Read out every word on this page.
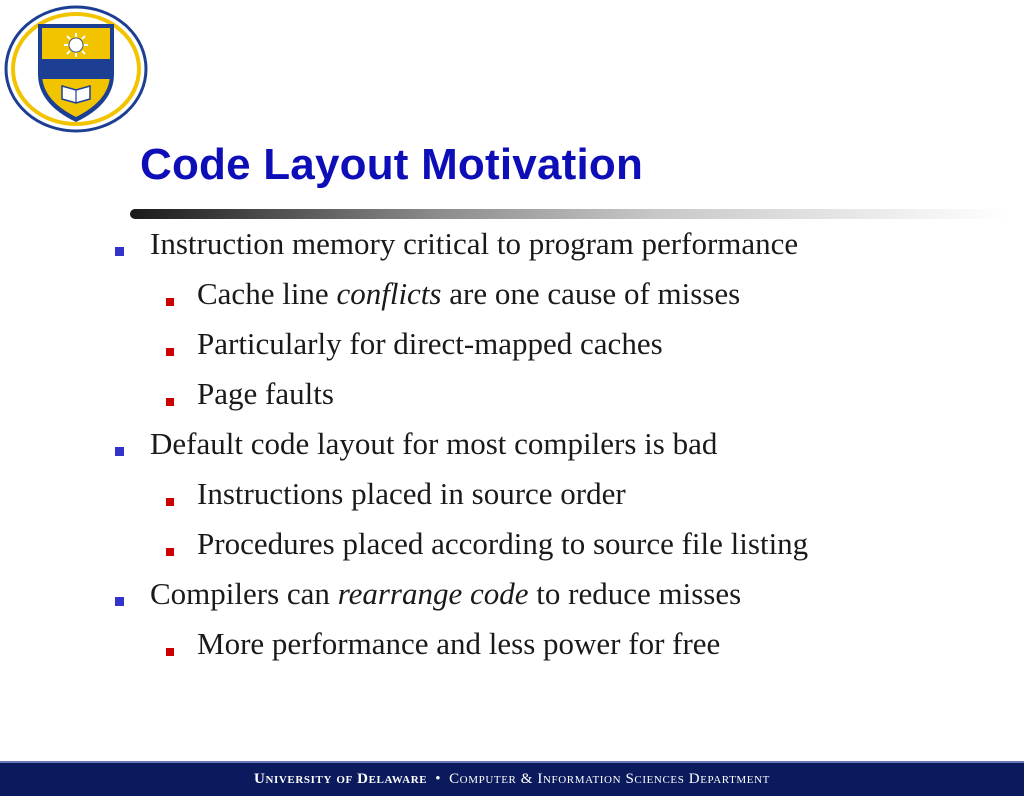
Code Layout Motivation
Instruction memory critical to program performance
Cache line conflicts are one cause of misses
Particularly for direct-mapped caches
Page faults
Default code layout for most compilers is bad
Instructions placed in source order
Procedures placed according to source file listing
Compilers can rearrange code to reduce misses
More performance and less power for free
University of Delaware • Computer & Information Sciences Department
